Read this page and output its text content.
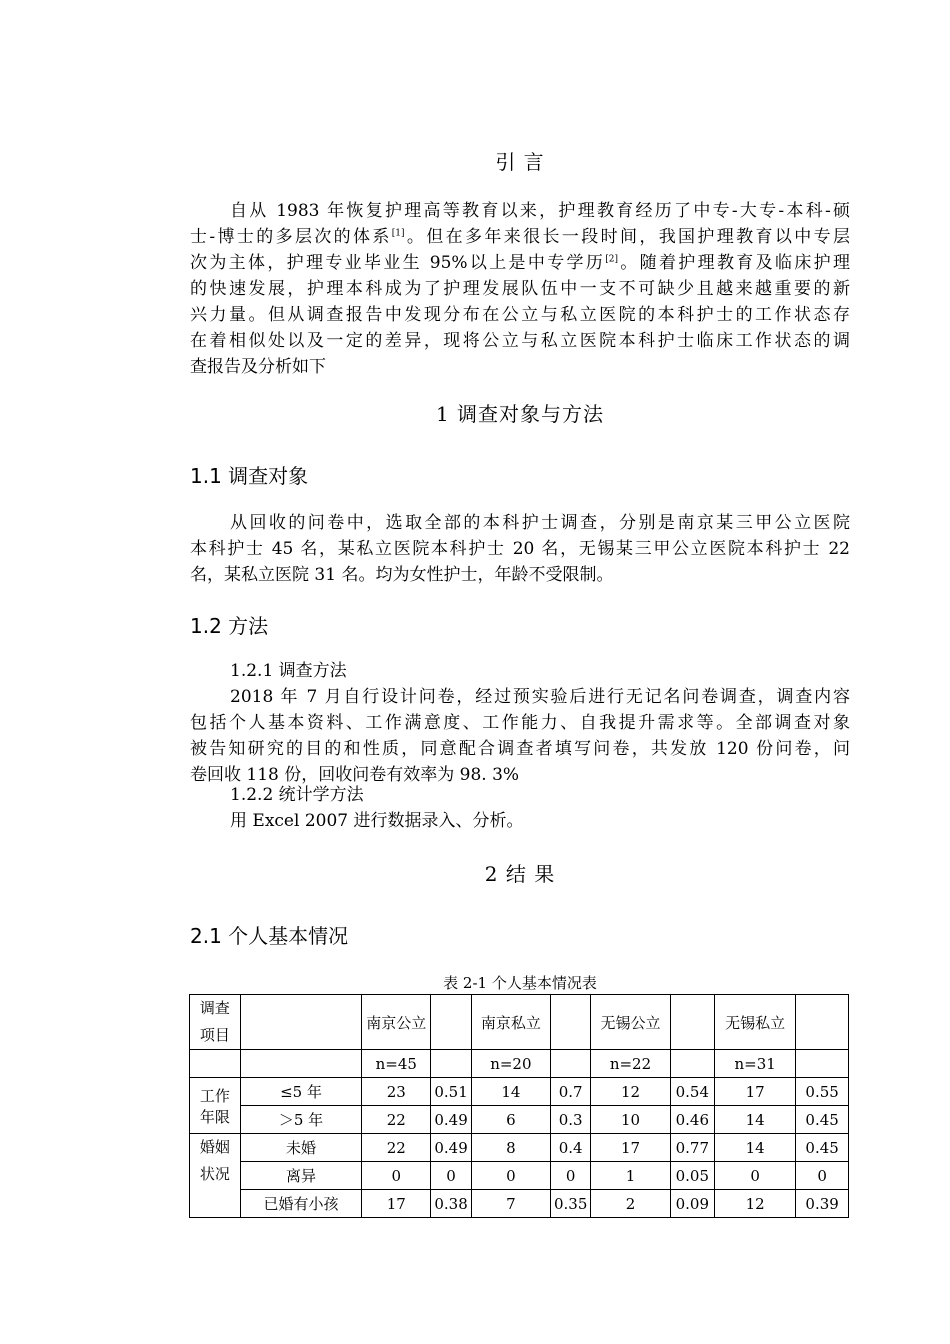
引 言
自从 1983 年恢复护理高等教育以来，护理教育经历了中专-大专-本科-硕
士-博士的多层次的体系[1]。但在多年来很长一段时间，我国护理教育以中专层
次为主体，护理专业毕业生 95%以上是中专学历[2]。随着护理教育及临床护理
的快速发展，护理本科成为了护理发展队伍中一支不可缺少且越来越重要的新
兴力量。但从调查报告中发现分布在公立与私立医院的本科护士的工作状态存
在着相似处以及一定的差异，现将公立与私立医院本科护士临床工作状态的调
查报告及分析如下
1 调查对象与方法
1.1 调查对象
从回收的问卷中，选取全部的本科护士调查，分别是南京某三甲公立医院
本科护士 45 名，某私立医院本科护士 20 名，无锡某三甲公立医院本科护士 22
名，某私立医院 31 名。均为女性护士，年龄不受限制。
1.2 方法
1.2.1 调查方法
2018 年 7 月自行设计问卷，经过预实验后进行无记名问卷调查，调查内容
包括个人基本资料、工作满意度、工作能力、自我提升需求等。全部调查对象
被告知研究的目的和性质，同意配合调查者填写问卷，共发放 120 份问卷，问
卷回收 118 份，回收问卷有效率为 98. 3%
1.2.2 统计学方法
用 Excel 2007 进行数据录入、分析。
2 结 果
2.1 个人基本情况
表 2-1 个人基本情况表
调查
项目		南京公立		南京私立		无锡公立		无锡私立	
		n=45		n=20		n=22		n=31	

工作
年限	≤5 年	23	0.51	14	0.7	12	0.54	17	0.55
	＞5 年	22	0.49	6	0.3	10	0.46	14	0.45

婚姻
状况	未婚	22	0.49	8	0.4	17	0.77	14	0.45
	离异	0	0	0	0	1	0.05	0	0
	已婚有小孩	17	0.38	7	0.35	2	0.09	12	0.39
